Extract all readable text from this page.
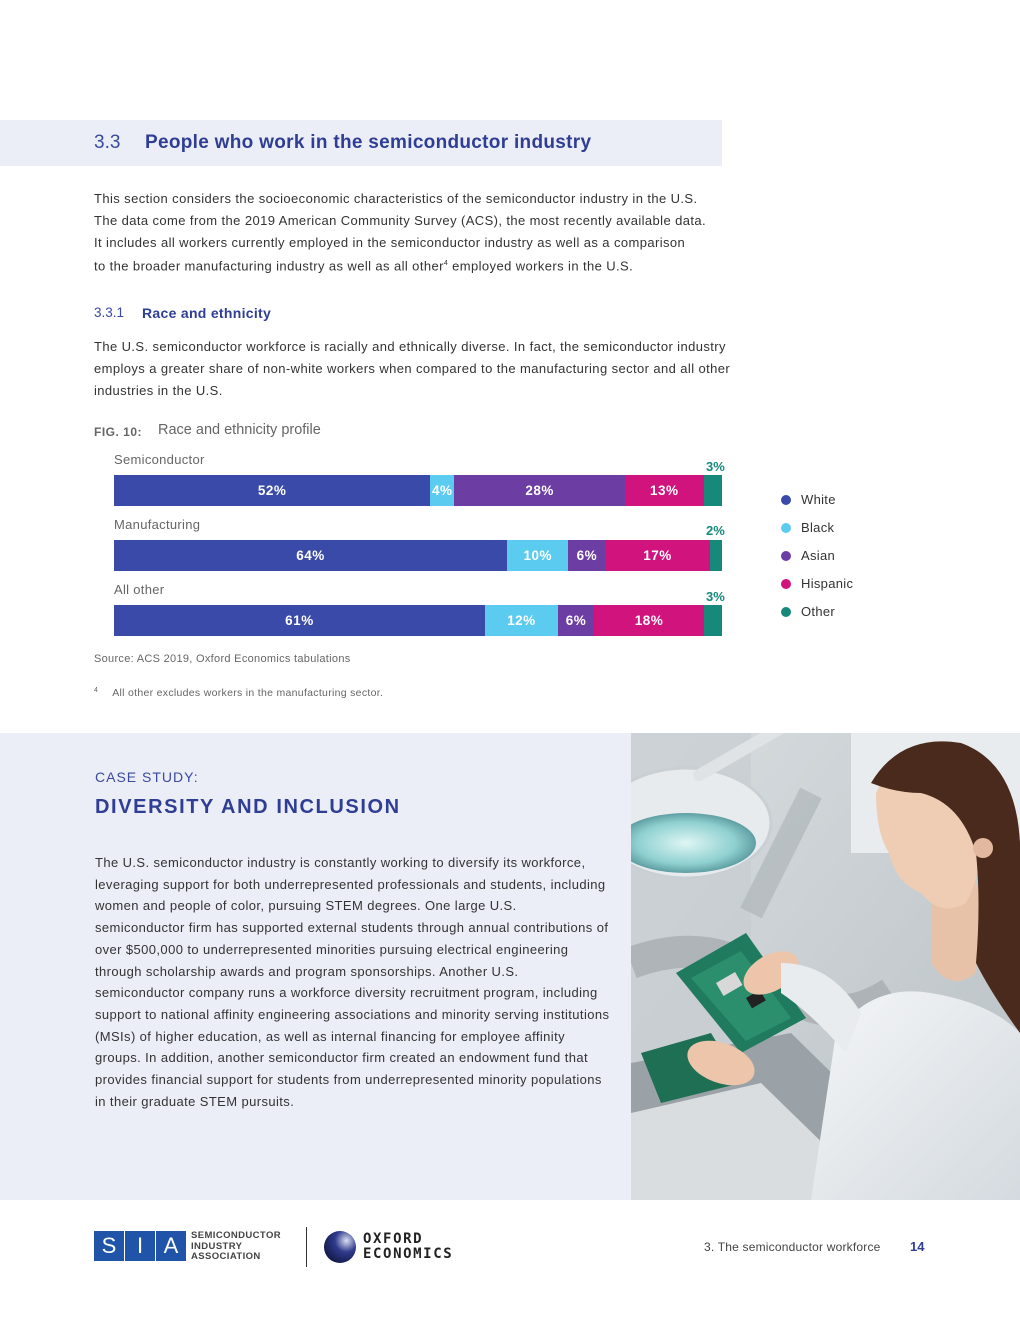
3.3 People who work in the semiconductor industry
This section considers the socioeconomic characteristics of the semiconductor industry in the U.S.
The data come from the 2019 American Community Survey (ACS), the most recently available data.
It includes all workers currently employed in the semiconductor industry as well as a comparison
to the broader manufacturing industry as well as all other$^4$ employed workers in the U.S.
3.3.1 Race and ethnicity
The U.S. semiconductor workforce is racially and ethnically diverse. In fact, the semiconductor industry employs a greater share of non-white workers when compared to the manufacturing sector and all other industries in the U.S.
FIG. 10: Race and ethnicity profile
Semiconductor
52%	4%	28%	13%
3%
Manufacturing
64%	10% 6%	17%
2%
All other
61%	12% 6%	18%
3%
White
Black
Asian
Hispanic
Other
Source: ACS 2019, Oxford Economics tabulations
$^4$ All other excludes workers in the manufacturing sector.
CASE STUDY:
DIVERSITY AND INCLUSION
The U.S. semiconductor industry is constantly working to diversify its workforce, leveraging support for both underrepresented professionals and students, including women and people of color, pursuing STEM degrees. One large U.S. semiconductor firm has supported external students through annual contributions of over $500,000 to underrepresented minorities pursuing electrical engineering through scholarship awards and program sponsorships. Another U.S. semiconductor company runs a workforce diversity recruitment program, including support to national affinity engineering associations and minority serving institutions (MSIs) of higher education, as well as internal financing for employee affinity groups. In addition, another semiconductor firm created an endowment fund that provides financial support for students from underrepresented minority populations in their graduate STEM pursuits.
S I A	SEMICONDUCTOR
INDUSTRY
ASSOCIATION
OXFORD
ECONOMICS	3. The semiconductor workforce 14
